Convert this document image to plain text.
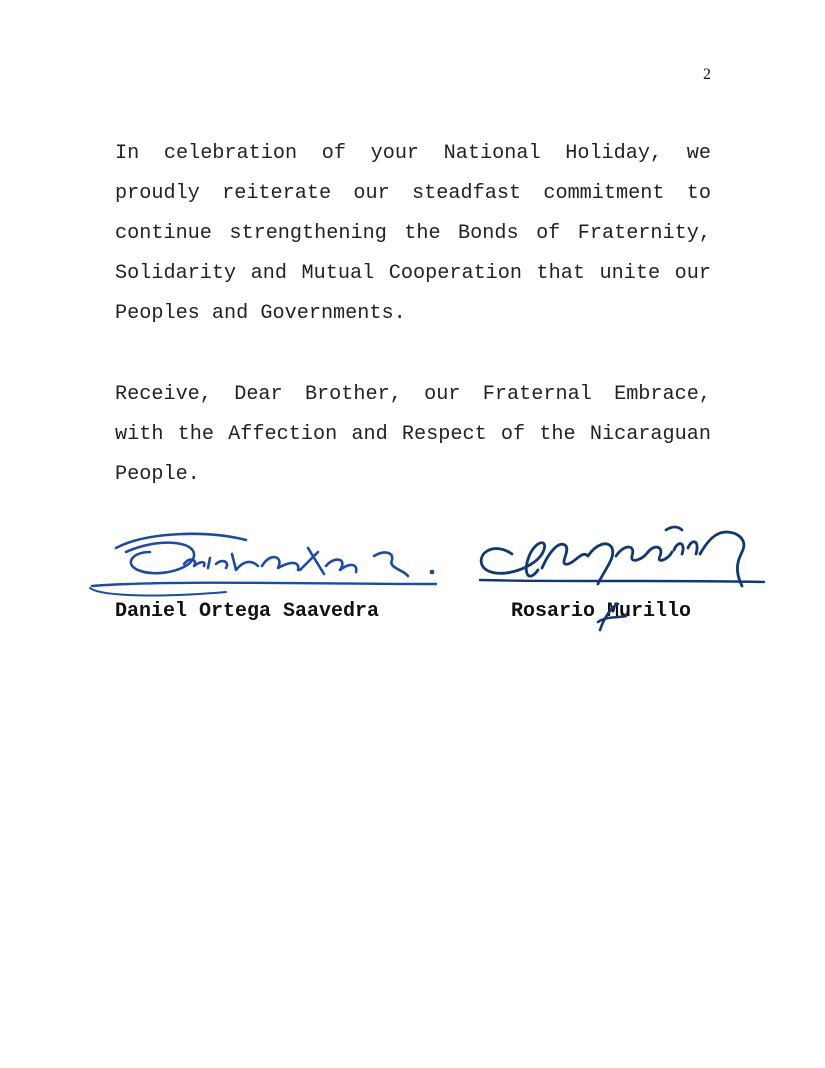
2

In celebration of your National Holiday, we proudly reiterate our steadfast commitment to continue strengthening the Bonds of Fraternity, Solidarity and Mutual Cooperation that unite our Peoples and Governments.

Receive, Dear Brother, our Fraternal Embrace, with the Affection and Respect of the Nicaraguan People.

Daniel Ortega Saavedra	Rosario Murillo
